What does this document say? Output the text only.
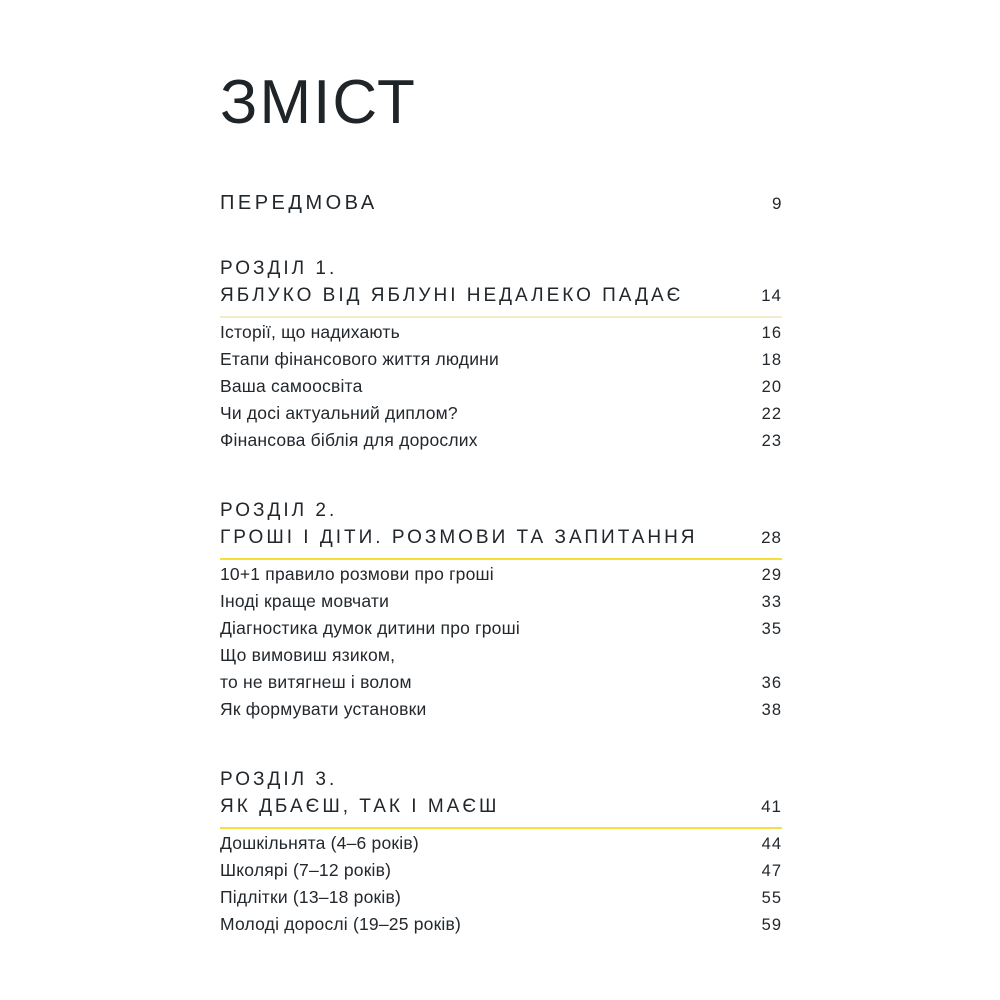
ЗМІСТ
ПЕРЕДМОВА	9
РОЗДІЛ 1.
ЯБЛУКО ВІД ЯБЛУНІ НЕДАЛЕКО ПАДАЄ	14
Історії, що надихають	16
Етапи фінансового життя людини	18
Ваша самоосвіта	20
Чи досі актуальний диплом?	22
Фінансова біблія для дорослих	23
РОЗДІЛ 2.
ГРОШІ І ДІТИ. РОЗМОВИ ТА ЗАПИТАННЯ	28
10+1 правило розмови про гроші	29
Іноді краще мовчати	33
Діагностика думок дитини про гроші	35
Що вимовиш язиком,
то не витягнеш і волом	36
Як формувати установки	38
РОЗДІЛ 3.
ЯК ДБАЄШ, ТАК І МАЄШ	41
Дошкільнята (4–6 років)	44
Школярі (7–12 років)	47
Підлітки (13–18 років)	55
Молоді дорослі (19–25 років)	59
